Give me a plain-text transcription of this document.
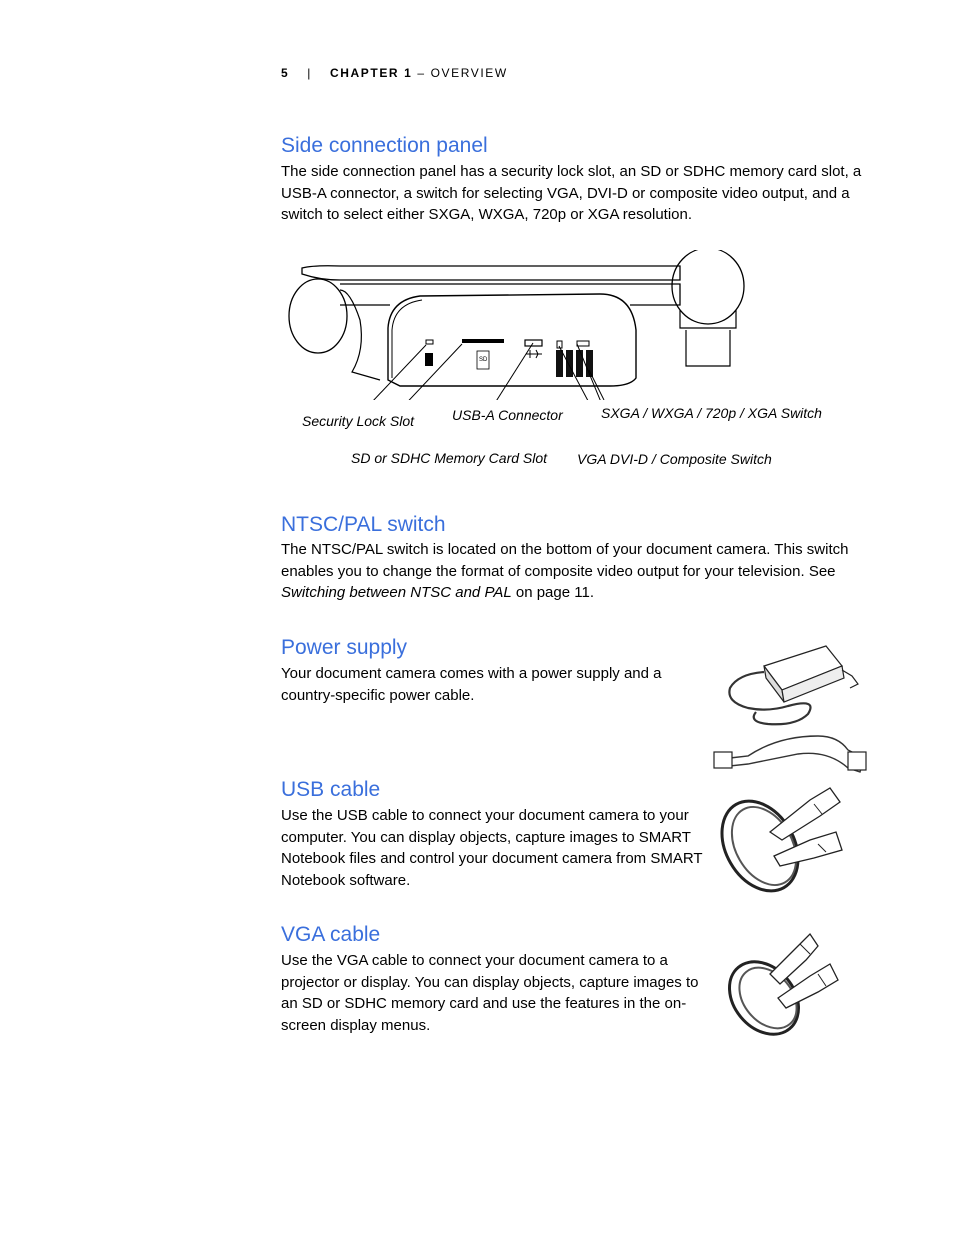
5 | CHAPTER 1 – OVERVIEW
Side connection panel

The side connection panel has a security lock slot, an SD or SDHC memory card slot, a USB-A connector, a switch for selecting VGA, DVI-D or composite video output, and a switch to select either SXGA, WXGA, 720p or XGA resolution.

SD
Security Lock Slot	USB-A Connector	SXGA / WXGA / 720p / XGA Switch
SD or SDHC Memory Card Slot VGA DVI-D / Composite Switch
NTSC/PAL switch

The NTSC/PAL switch is located on the bottom of your document camera. This switch enables you to change the format of composite video output for your television. See Switching between NTSC and PAL on page 11.

Power supply

Your document camera comes with a power supply and a country-specific power cable.

USB cable

Use the USB cable to connect your document camera to your computer. You can display objects, capture images to SMART Notebook files and control your document camera from SMART Notebook software.

VGA cable

Use the VGA cable to connect your document camera to a projector or display. You can display objects, capture images to an SD or SDHC memory card and use the features in the on-screen display menus.
